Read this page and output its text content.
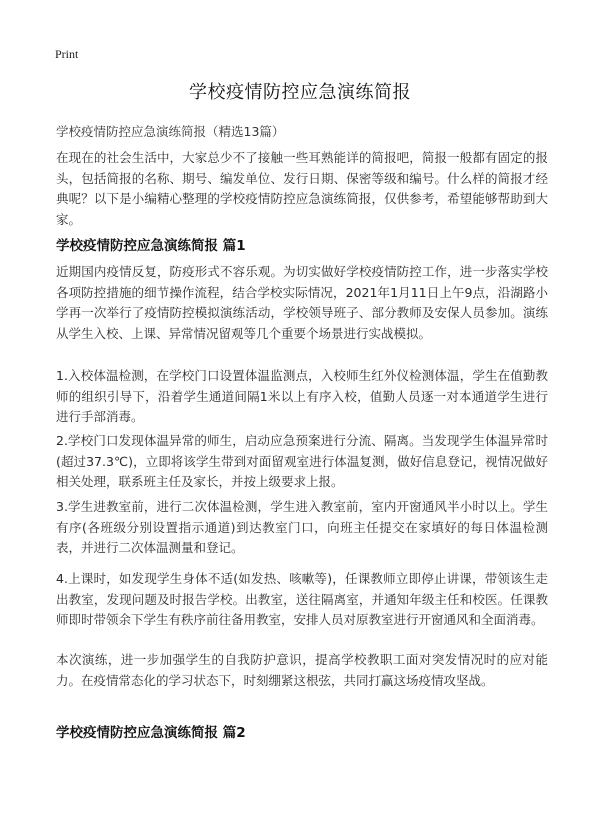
Print
学校疫情防控应急演练简报
学校疫情防控应急演练简报（精选13篇）

在现在的社会生活中，大家总少不了接触一些耳熟能详的简报吧，简报一般都有固定的报头，包括简报的名称、期号、编发单位、发行日期、保密等级和编号。什么样的简报才经典呢？以下是小编精心整理的学校疫情防控应急演练简报，仅供参考，希望能够帮助到大家。

学校疫情防控应急演练简报 篇1

近期国内疫情反复，防疫形式不容乐观。为切实做好学校疫情防控工作，进一步落实学校各项防控措施的细节操作流程，结合学校实际情况，2021年1月11日上午9点，沿湖路小学再一次举行了疫情防控模拟演练活动，学校领导班子、部分教师及安保人员参加。演练从学生入校、上课、异常情况留观等几个重要个场景进行实战模拟。

1.入校体温检测，在学校门口设置体温监测点，入校师生红外仪检测体温，学生在值勤教师的组织引导下，沿着学生通道间隔1米以上有序入校，值勤人员逐一对本通道学生进行进行手部消毒。

2.学校门口发现体温异常的师生，启动应急预案进行分流、隔离。当发现学生体温异常时(超过37.3℃)，立即将该学生带到对面留观室进行体温复测，做好信息登记，视情况做好相关处理，联系班主任及家长，并按上级要求上报。

3.学生进教室前，进行二次体温检测，学生进入教室前，室内开窗通风半小时以上。学生有序(各班级分别设置指示通道)到达教室门口，向班主任提交在家填好的每日体温检测表，并进行二次体温测量和登记。

4.上课时，如发现学生身体不适(如发热、咳嗽等)，任课教师立即停止讲课，带领该生走出教室，发现问题及时报告学校。出教室，送往隔离室，并通知年级主任和校医。任课教师即时带领余下学生有秩序前往备用教室，安排人员对原教室进行开窗通风和全面消毒。

本次演练，进一步加强学生的自我防护意识，提高学校教职工面对突发情况时的应对能力。在疫情常态化的学习状态下，时刻绷紧这根弦，共同打赢这场疫情攻坚战。

学校疫情防控应急演练简报 篇2
